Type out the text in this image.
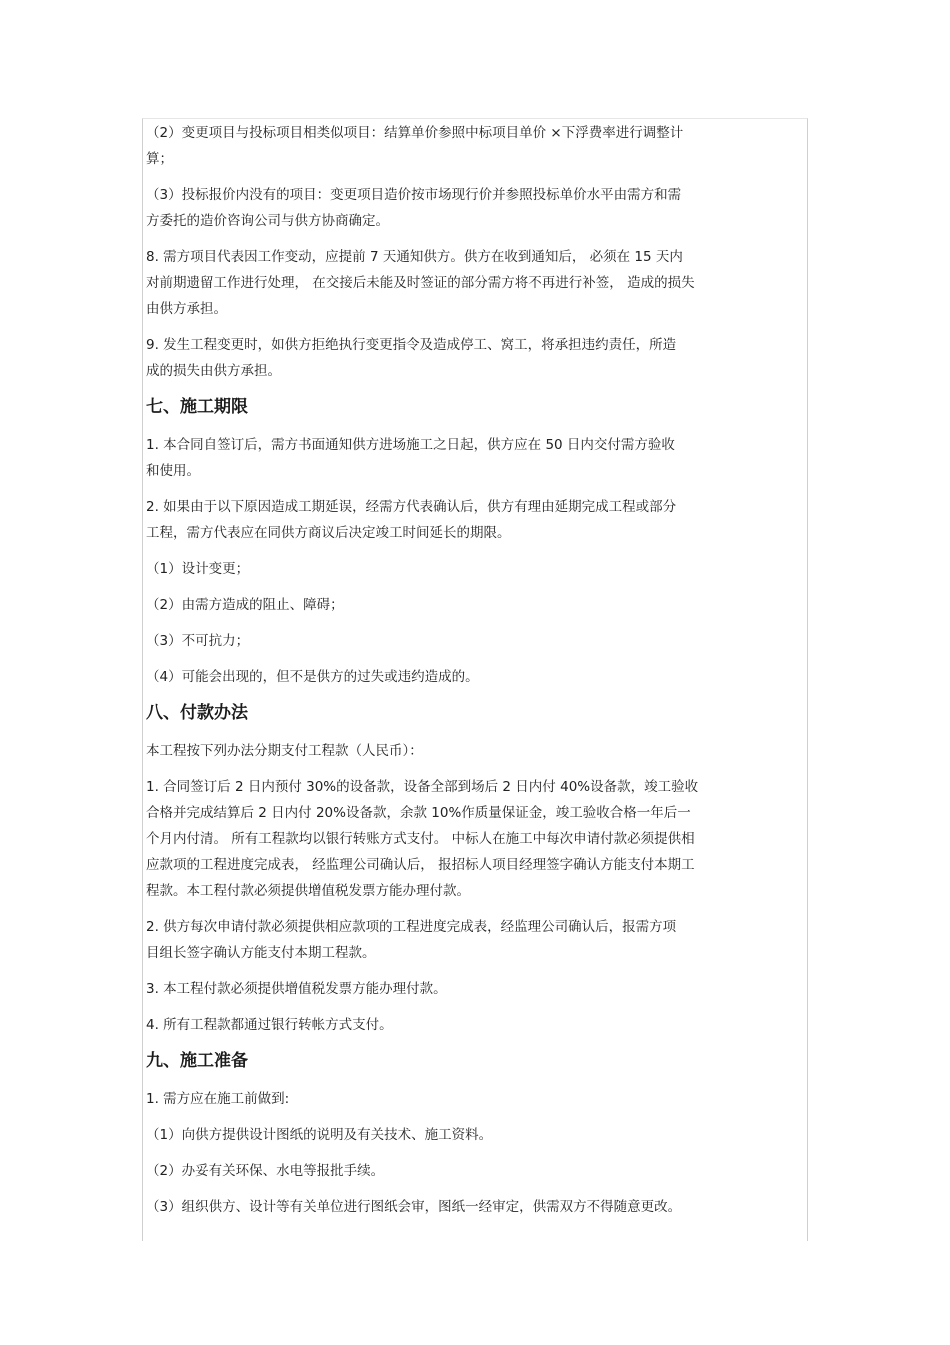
（2）变更项目与投标项目相类似项目：结算单价参照中标项目单价 ×下浮费率进行调整计
算；

（3）投标报价内没有的项目：变更项目造价按市场现行价并参照投标单价水平由需方和需
方委托的造价咨询公司与供方协商确定。

8. 需方项目代表因工作变动，应提前 7 天通知供方。供方在收到通知后， 必须在 15 天内
对前期遗留工作进行处理， 在交接后未能及时签证的部分需方将不再进行补签， 造成的损失
由供方承担。

9. 发生工程变更时，如供方拒绝执行变更指令及造成停工、窝工，将承担违约责任，所造
成的损失由供方承担。

七、施工期限

1. 本合同自签订后，需方书面通知供方进场施工之日起，供方应在 50 日内交付需方验收
和使用。

2. 如果由于以下原因造成工期延误，经需方代表确认后，供方有理由延期完成工程或部分
工程，需方代表应在同供方商议后决定竣工时间延长的期限。

（1）设计变更；

（2）由需方造成的阻止、障碍；

（3）不可抗力；

（4）可能会出现的，但不是供方的过失或违约造成的。

八、付款办法

本工程按下列办法分期支付工程款（人民币）：

1. 合同签订后 2 日内预付 30%的设备款，设备全部到场后 2 日内付 40%设备款，竣工验收
合格并完成结算后 2 日内付 20%设备款，余款 10%作质量保证金，竣工验收合格一年后一
个月内付清。 所有工程款均以银行转账方式支付。 中标人在施工中每次申请付款必须提供相
应款项的工程进度完成表， 经监理公司确认后， 报招标人项目经理签字确认方能支付本期工
程款。本工程付款必须提供增值税发票方能办理付款。

2. 供方每次申请付款必须提供相应款项的工程进度完成表，经监理公司确认后，报需方项
目组长签字确认方能支付本期工程款。

3. 本工程付款必须提供增值税发票方能办理付款。

4. 所有工程款都通过银行转帐方式支付。

九、施工准备

1. 需方应在施工前做到:

（1）向供方提供设计图纸的说明及有关技术、施工资料。

（2）办妥有关环保、水电等报批手续。

（3）组织供方、设计等有关单位进行图纸会审，图纸一经审定，供需双方不得随意更改。
